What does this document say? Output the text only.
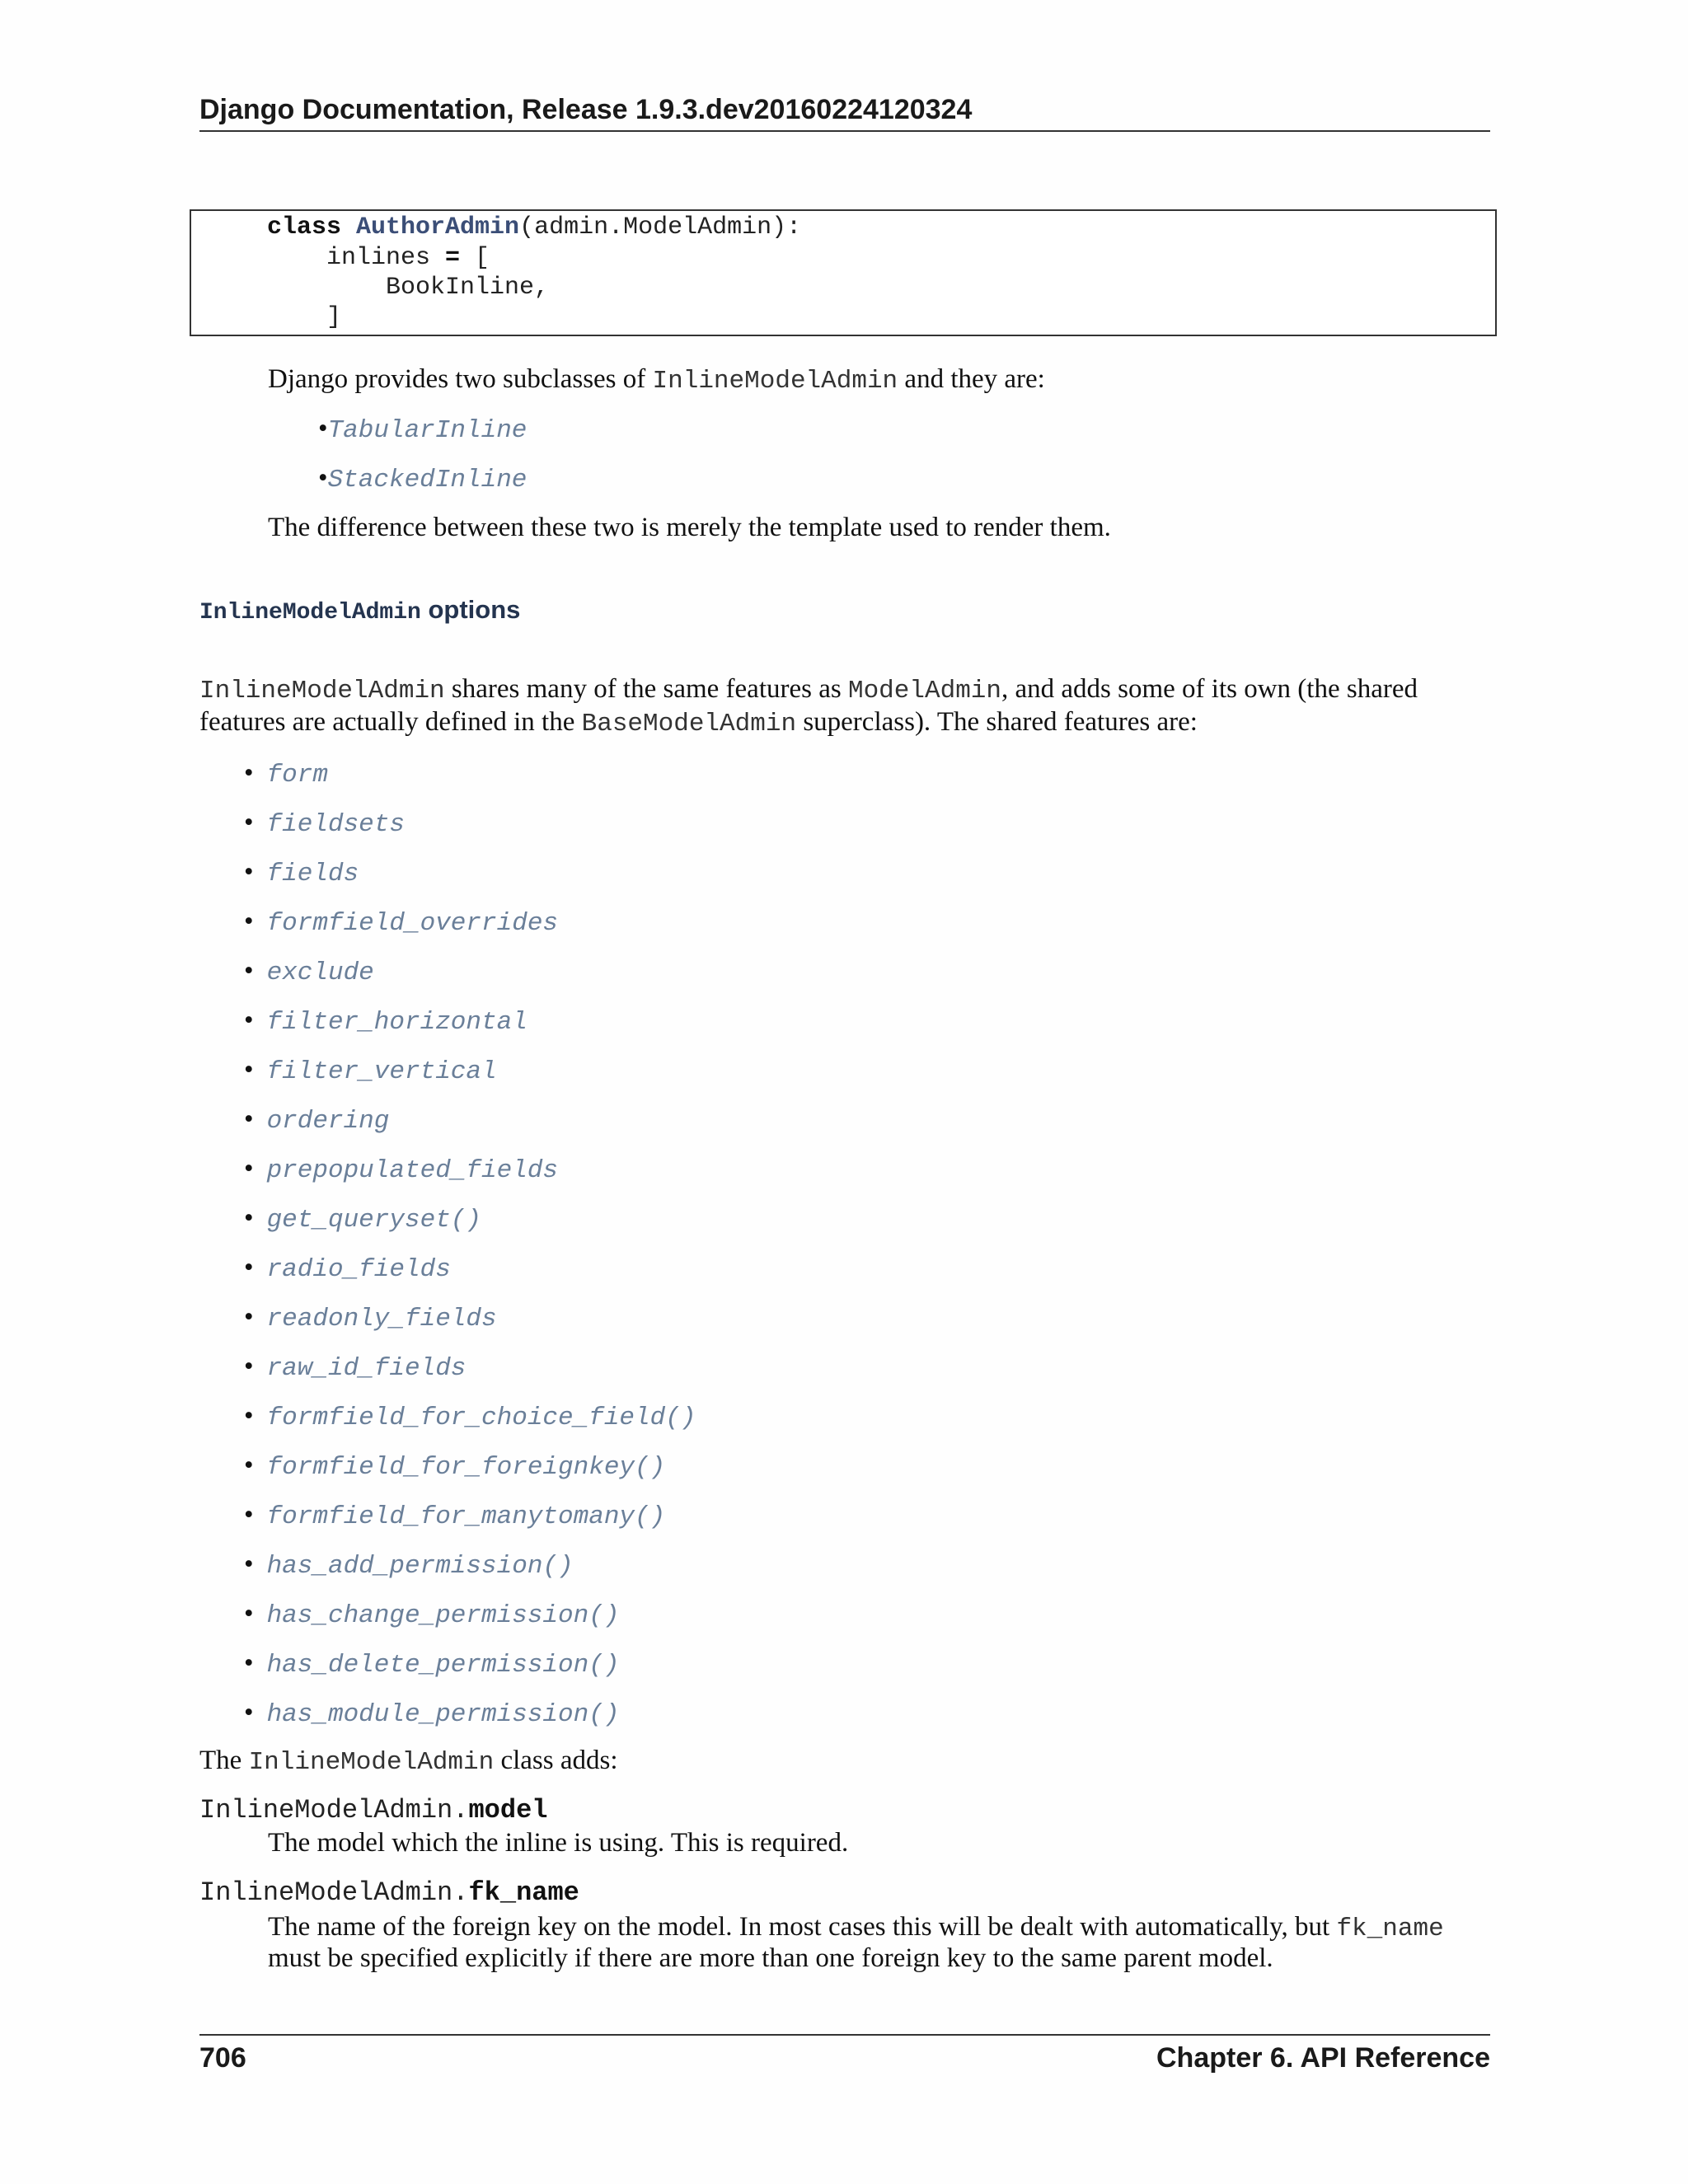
Django Documentation, Release 1.9.3.dev20160224120324
class AuthorAdmin(admin.ModelAdmin):
inlines = [
BookInline,
]
Django provides two subclasses of InlineModelAdmin and they are:
•TabularInline
•StackedInline
The difference between these two is merely the template used to render them.
InlineModelAdmin options
InlineModelAdmin shares many of the same features as ModelAdmin, and adds some of its own (the shared
features are actually defined in the BaseModelAdmin superclass). The shared features are:
• form
• fieldsets
• fields
• formfield_overrides
• exclude
• filter_horizontal
• filter_vertical
• ordering
• prepopulated_fields
• get_queryset()
• radio_fields
• readonly_fields
• raw_id_fields
• formfield_for_choice_field()
• formfield_for_foreignkey()
• formfield_for_manytomany()
• has_add_permission()
• has_change_permission()
• has_delete_permission()
• has_module_permission()
The InlineModelAdmin class adds:
InlineModelAdmin.model
The model which the inline is using. This is required.
InlineModelAdmin.fk_name
The name of the foreign key on the model. In most cases this will be dealt with automatically, but fk_name
must be specified explicitly if there are more than one foreign key to the same parent model.
706	Chapter 6. API Reference
